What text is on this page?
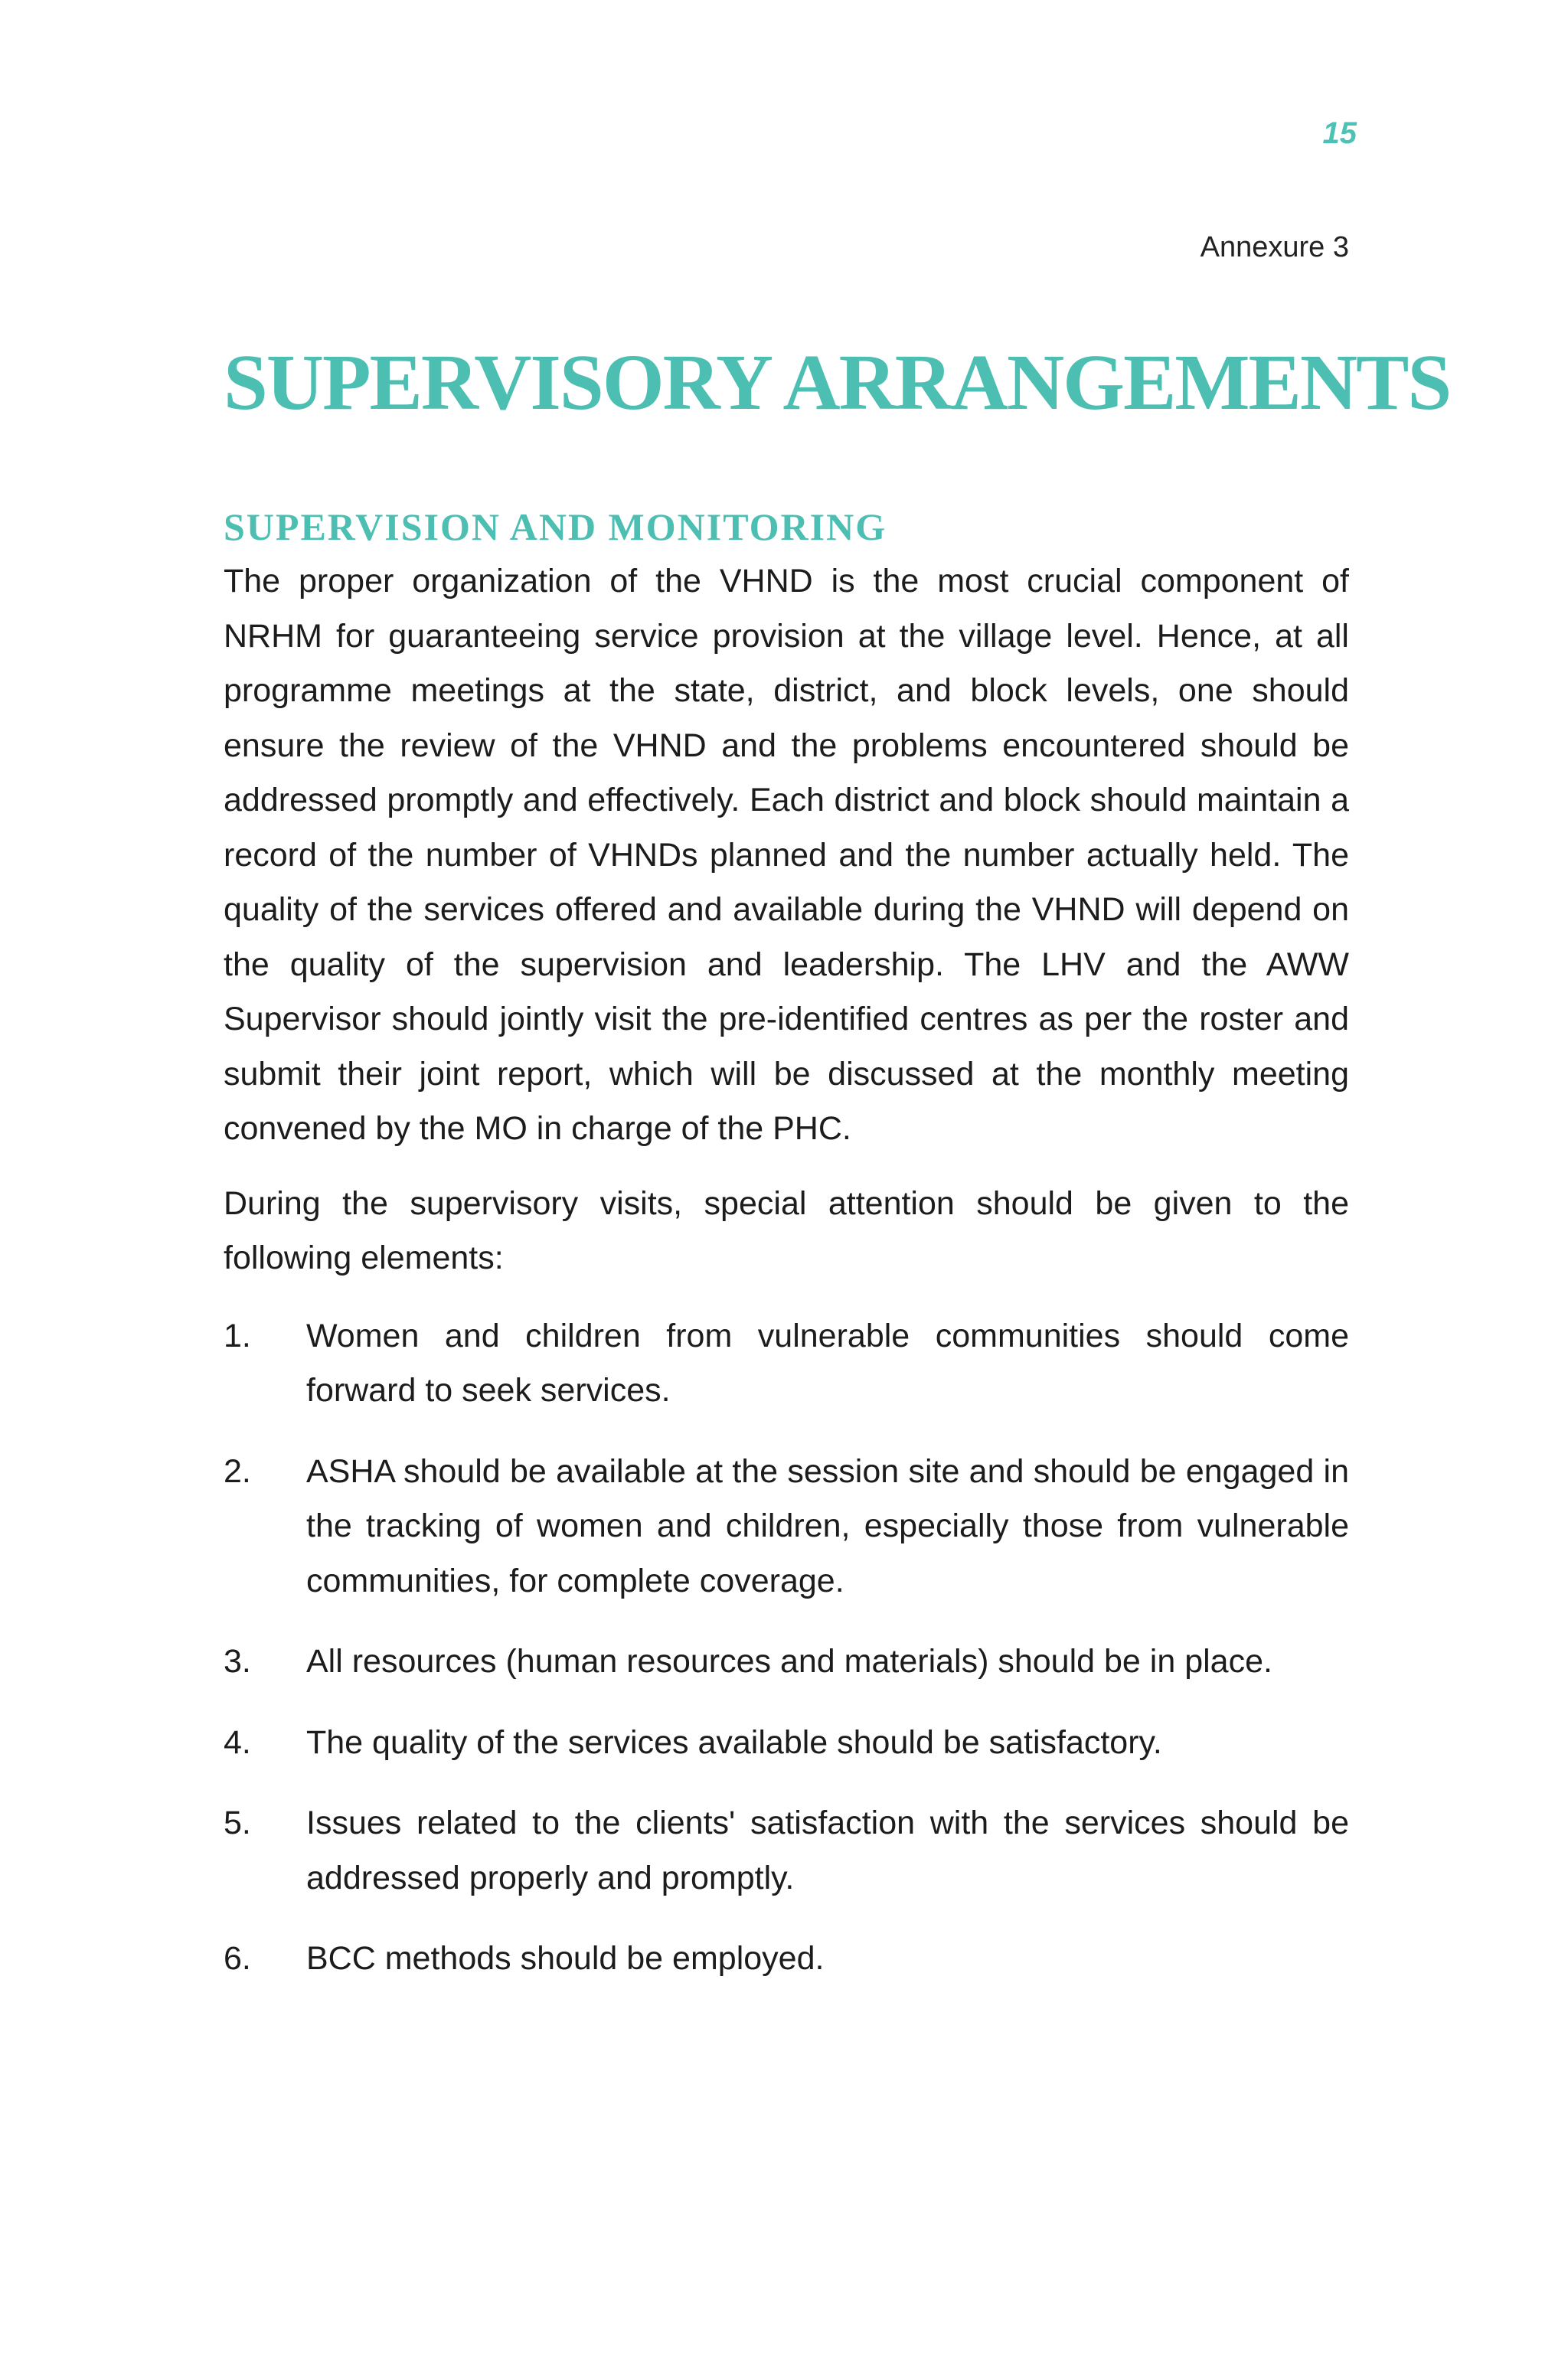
15
Annexure 3
SUPERVISORY ARRANGEMENTS
SUPERVISION AND MONITORING

The proper organization of the VHND is the most crucial component of NRHM for guaranteeing service provision at the village level. Hence, at all programme meetings at the state, district, and block levels, one should ensure the review of the VHND and the problems encountered should be addressed promptly and effectively. Each district and block should maintain a record of the number of VHNDs planned and the number actually held. The quality of the services offered and available during the VHND will depend on the quality of the supervision and leadership. The LHV and the AWW Supervisor should jointly visit the pre-identified centres as per the roster and submit their joint report, which will be discussed at the monthly meeting convened by the MO in charge of the PHC.

During the supervisory visits, special attention should be given to the following elements:

1.	Women and children from vulnerable communities should come forward to seek services.
2.	ASHA should be available at the session site and should be engaged in the tracking of women and children, especially those from vulnerable communities, for complete coverage.
3.	All resources (human resources and materials) should be in place.
4.	The quality of the services available should be satisfactory.
5.	Issues related to the clients' satisfaction with the services should be addressed properly and promptly.
6.	BCC methods should be employed.
